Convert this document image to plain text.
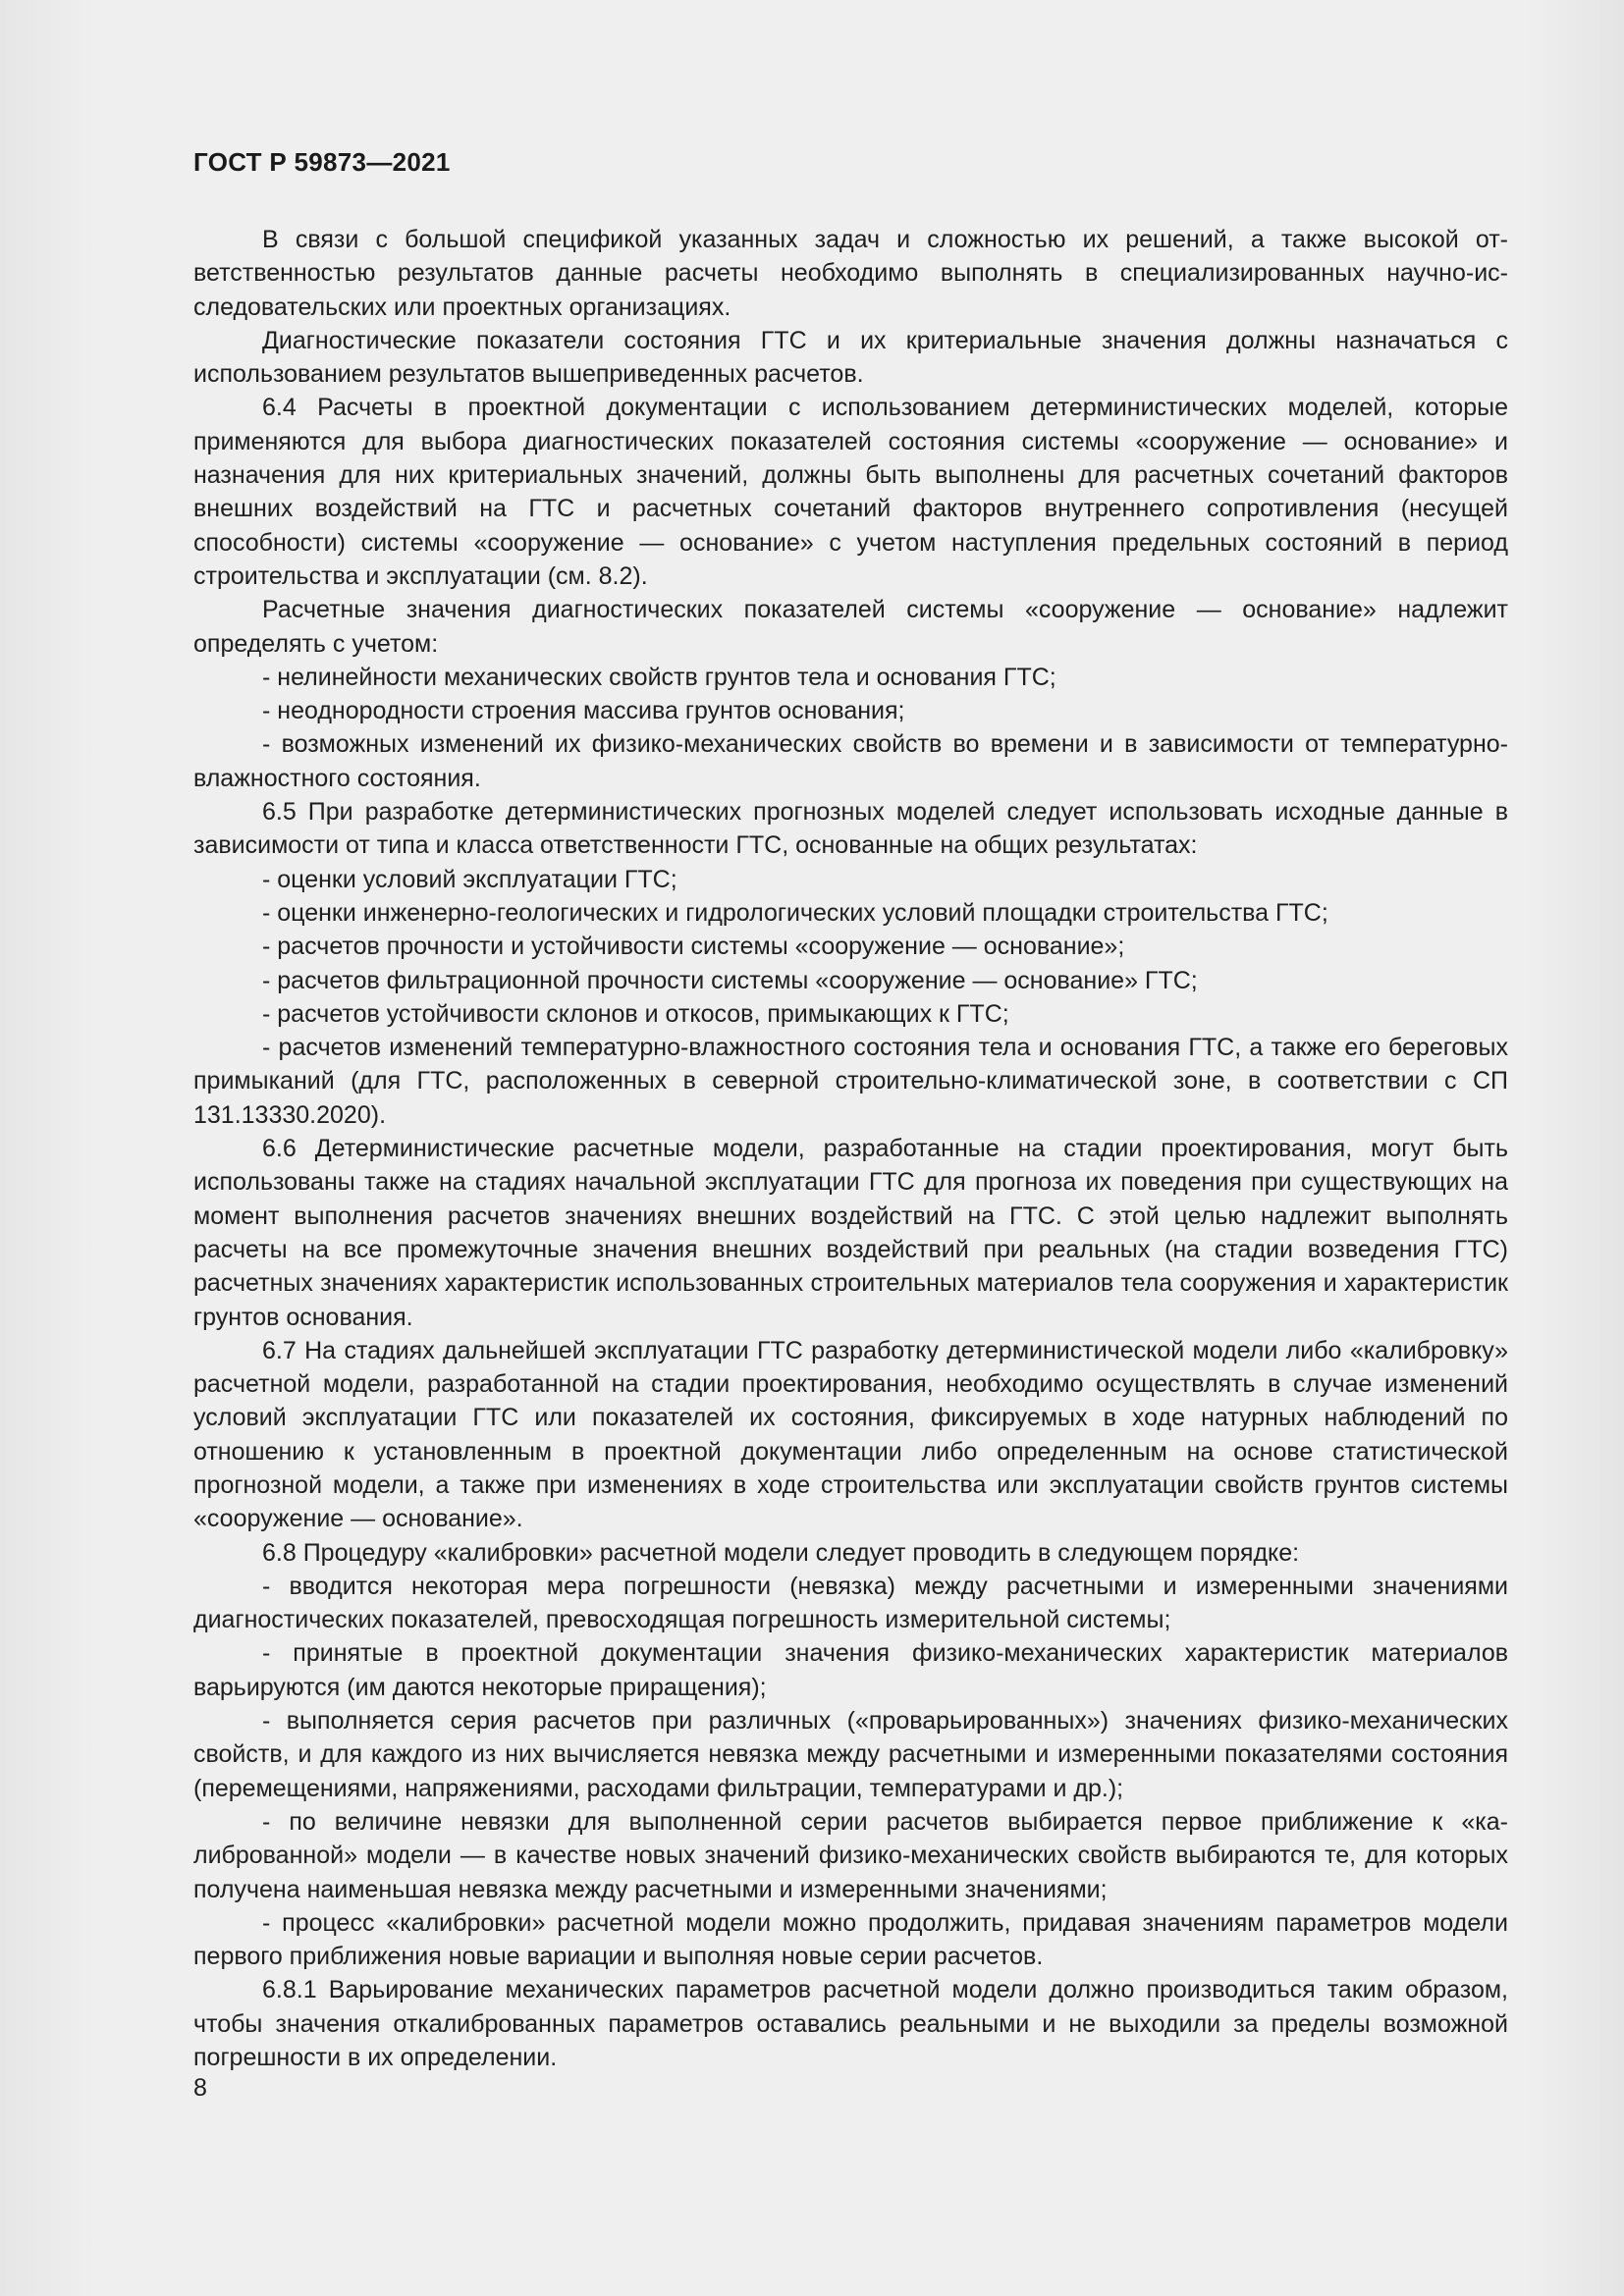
ГОСТ Р 59873—2021

В связи с большой спецификой указанных задач и сложностью их решений, а также высокой ответственностью результатов данные расчеты необходимо выполнять в специализированных научно-исследовательских или проектных организациях.

Диагностические показатели состояния ГТС и их критериальные значения должны назначаться с использованием результатов вышеприведенных расчетов.

6.4 Расчеты в проектной документации с использованием детерминистических моделей, которые применяются для выбора диагностических показателей состояния системы «сооружение — основание» и назначения для них критериальных значений, должны быть выполнены для расчетных сочетаний факторов внешних воздействий на ГТС и расчетных сочетаний факторов внутреннего сопротивления (несущей способности) системы «сооружение — основание» с учетом наступления предельных состояний в период строительства и эксплуатации (см. 8.2).

Расчетные значения диагностических показателей системы «сооружение — основание» надлежит определять с учетом:

- нелинейности механических свойств грунтов тела и основания ГТС;

- неоднородности строения массива грунтов основания;

- возможных изменений их физико-механических свойств во времени и в зависимости от температурно-влажностного состояния.

6.5 При разработке детерминистических прогнозных моделей следует использовать исходные данные в зависимости от типа и класса ответственности ГТС, основанные на общих результатах:

- оценки условий эксплуатации ГТС;

- оценки инженерно-геологических и гидрологических условий площадки строительства ГТС;

- расчетов прочности и устойчивости системы «сооружение — основание»;

- расчетов фильтрационной прочности системы «сооружение — основание» ГТС;

- расчетов устойчивости склонов и откосов, примыкающих к ГТС;

- расчетов изменений температурно-влажностного состояния тела и основания ГТС, а также его береговых примыканий (для ГТС, расположенных в северной строительно-климатической зоне, в соответствии с СП 131.13330.2020).

6.6 Детерминистические расчетные модели, разработанные на стадии проектирования, могут быть использованы также на стадиях начальной эксплуатации ГТС для прогноза их поведения при существующих на момент выполнения расчетов значениях внешних воздействий на ГТС. С этой целью надлежит выполнять расчеты на все промежуточные значения внешних воздействий при реальных (на стадии возведения ГТС) расчетных значениях характеристик использованных строительных материалов тела сооружения и характеристик грунтов основания.

6.7 На стадиях дальнейшей эксплуатации ГТС разработку детерминистической модели либо «калибровку» расчетной модели, разработанной на стадии проектирования, необходимо осуществлять в случае изменений условий эксплуатации ГТС или показателей их состояния, фиксируемых в ходе натурных наблюдений по отношению к установленным в проектной документации либо определенным на основе статистической прогнозной модели, а также при изменениях в ходе строительства или эксплуатации свойств грунтов системы «сооружение — основание».

6.8 Процедуру «калибровки» расчетной модели следует проводить в следующем порядке:

- вводится некоторая мера погрешности (невязка) между расчетными и измеренными значениями диагностических показателей, превосходящая погрешность измерительной системы;

- принятые в проектной документации значения физико-механических характеристик материалов варьируются (им даются некоторые приращения);

- выполняется серия расчетов при различных («проварьированных») значениях физико-механических свойств, и для каждого из них вычисляется невязка между расчетными и измеренными показателями состояния (перемещениями, напряжениями, расходами фильтрации, температурами и др.);

- по величине невязки для выполненной серии расчетов выбирается первое приближение к «калиброванной» модели — в качестве новых значений физико-механических свойств выбираются те, для которых получена наименьшая невязка между расчетными и измеренными значениями;

- процесс «калибровки» расчетной модели можно продолжить, придавая значениям параметров модели первого приближения новые вариации и выполняя новые серии расчетов.

6.8.1 Варьирование механических параметров расчетной модели должно производиться таким образом, чтобы значения откалиброванных параметров оставались реальными и не выходили за пределы возможной погрешности в их определении.

8
